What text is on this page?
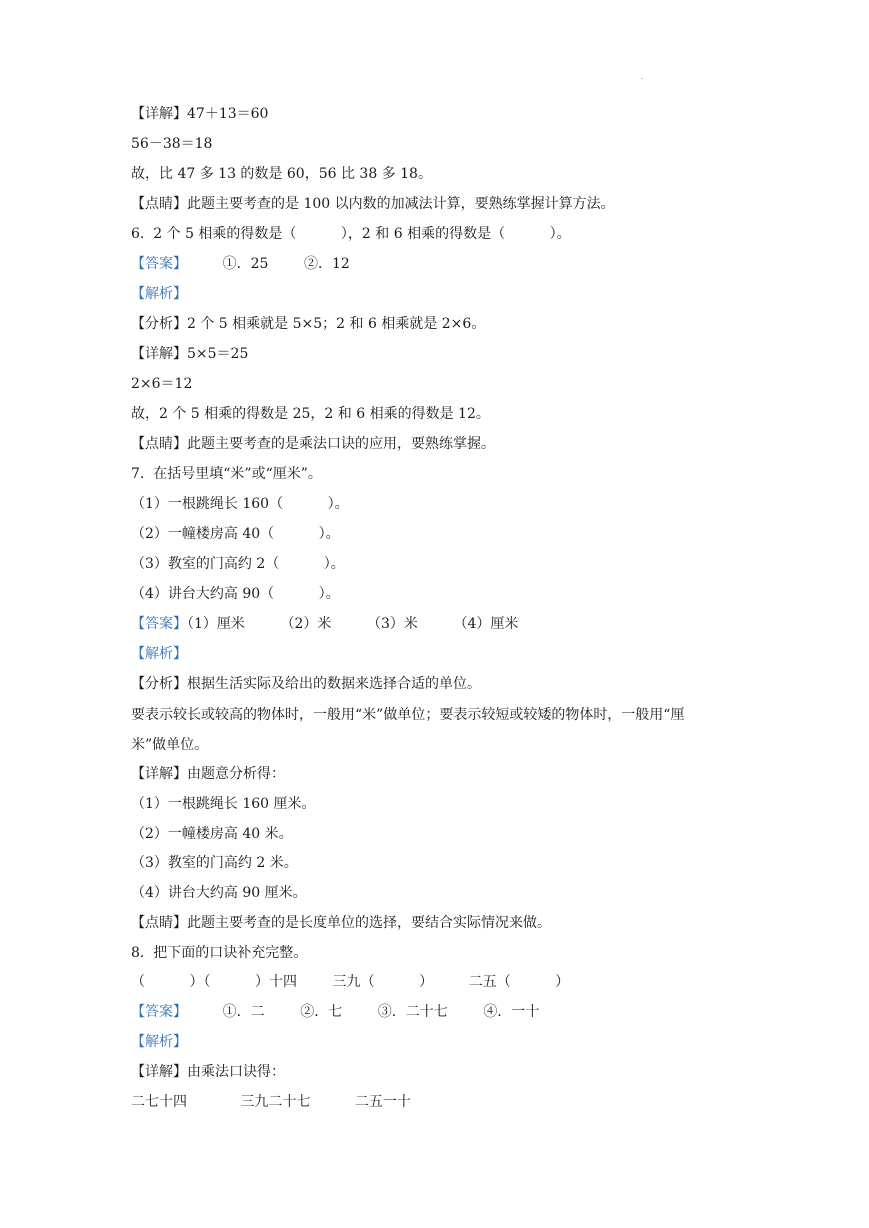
.
【详解】47＋13＝60
56－38＝18
故，比 47 多 13 的数是 60，56 比 38 多 18。
【点睛】此题主要考查的是 100 以内数的加减法计算，要熟练掌握计算方法。
6.  2 个 5 相乘的得数是（          ），2 和 6 相乘的得数是（          ）。
【答案】        ①．25        ②．12
【解析】
【分析】2 个 5 相乘就是 5×5；2 和 6 相乘就是 2×6。
【详解】5×5＝25
2×6＝12
故，2 个 5 相乘的得数是 25，2 和 6 相乘的得数是 12。
【点睛】此题主要考查的是乘法口诀的应用，要熟练掌握。
7.  在括号里填“米”或“厘米”。
（1）一根跳绳长 160（          ）。
（2）一幢楼房高 40（          ）。
（3）教室的门高约 2（          ）。
（4）讲台大约高 90（          ）。
【答案】（1）厘米        （2）米        （3）米        （4）厘米
【解析】
【分析】根据生活实际及给出的数据来选择合适的单位。
要表示较长或较高的物体时，一般用“米”做单位；要表示较短或较矮的物体时，一般用“厘
米”做单位。
【详解】由题意分析得：
（1）一根跳绳长 160 厘米。
（2）一幢楼房高 40 米。
（3）教室的门高约 2 米。
（4）讲台大约高 90 厘米。
【点睛】此题主要考查的是长度单位的选择，要结合实际情况来做。
8.  把下面的口诀补充完整。
（          ）（          ）十四        三九（          ）        二五（          ）
【答案】        ①．二        ②．七        ③．二十七        ④．一十
【解析】
【详解】由乘法口诀得：
二七十四            三九二十七          二五一十
